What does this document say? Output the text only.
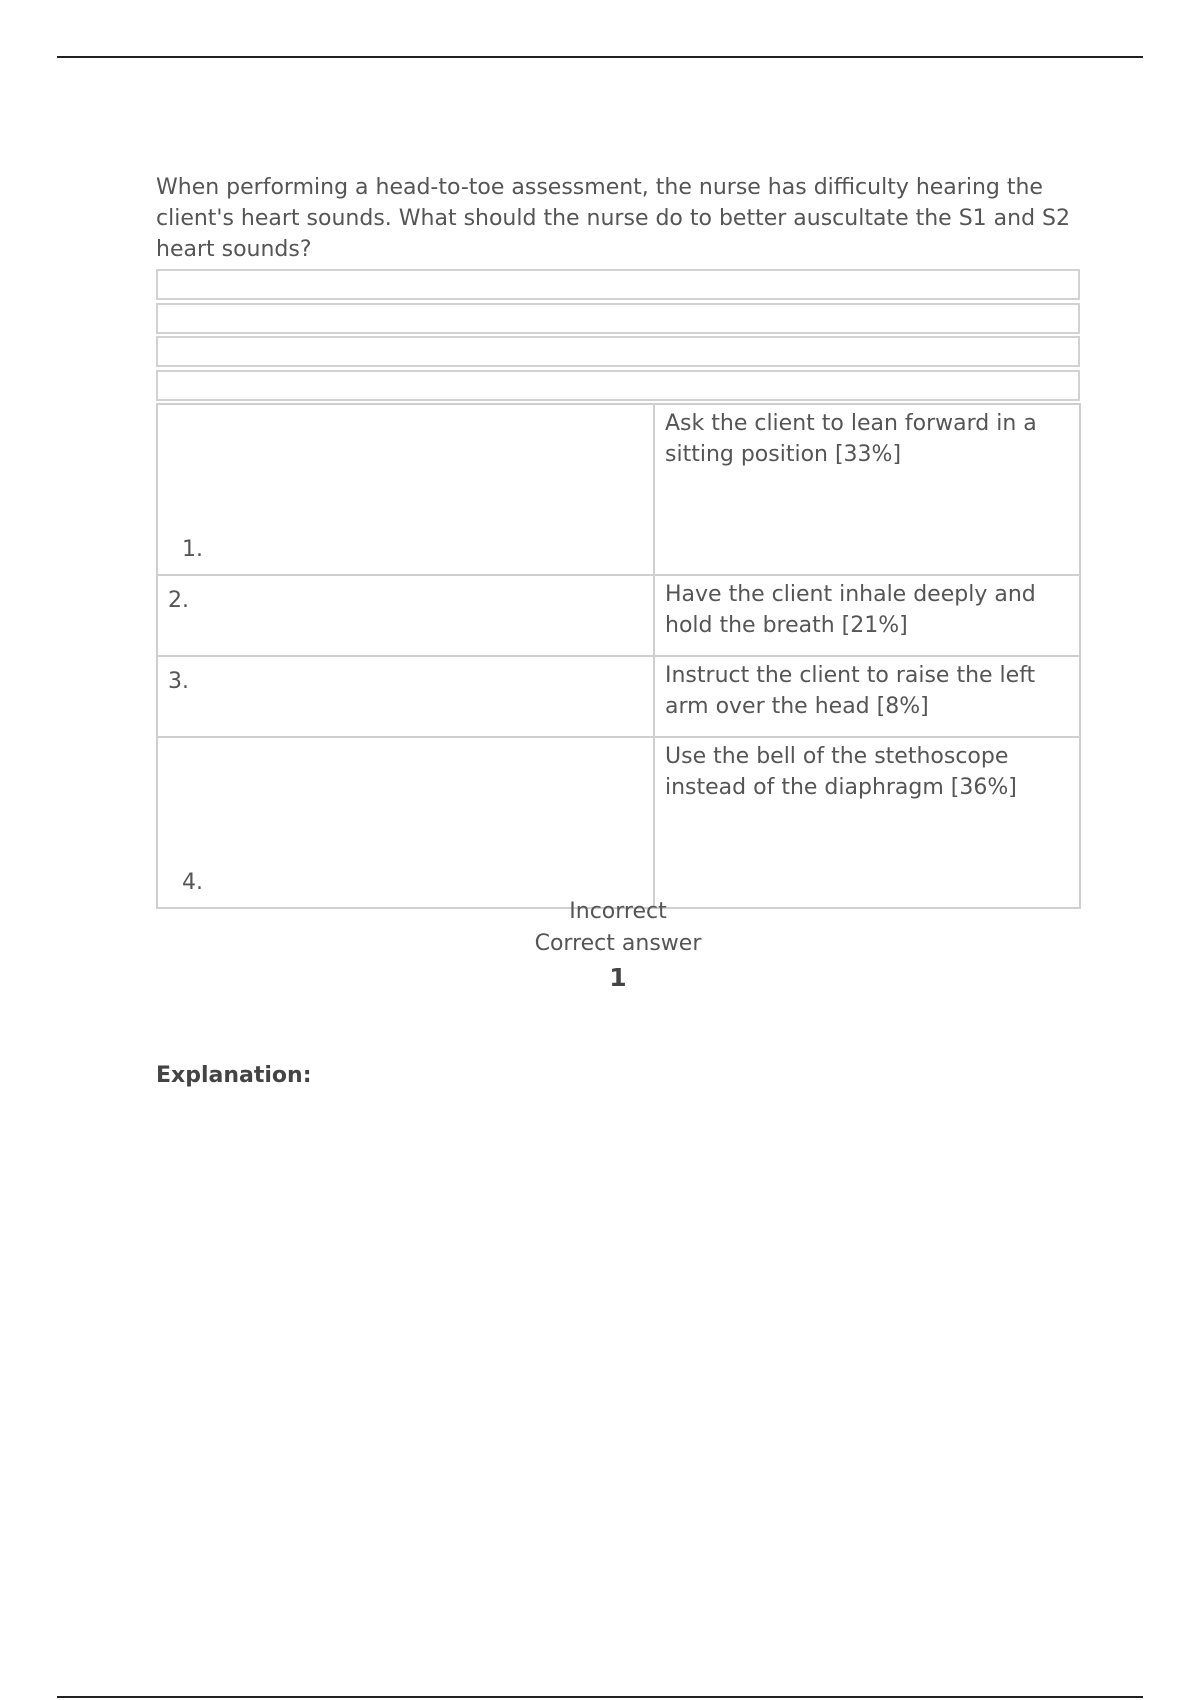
When performing a head-to-toe assessment, the nurse has difficulty hearing the client's heart sounds. What should the nurse do to better auscultate the S1 and S2 heart sounds?

1.	Ask the client to lean forward in a sitting position [33%]
2.	Have the client inhale deeply and hold the breath [21%]
3.	Instruct the client to raise the left arm over the head [8%]
4.	Use the bell of the stethoscope instead of the diaphragm [36%]
Incorrect
Correct answer
1
Explanation:
